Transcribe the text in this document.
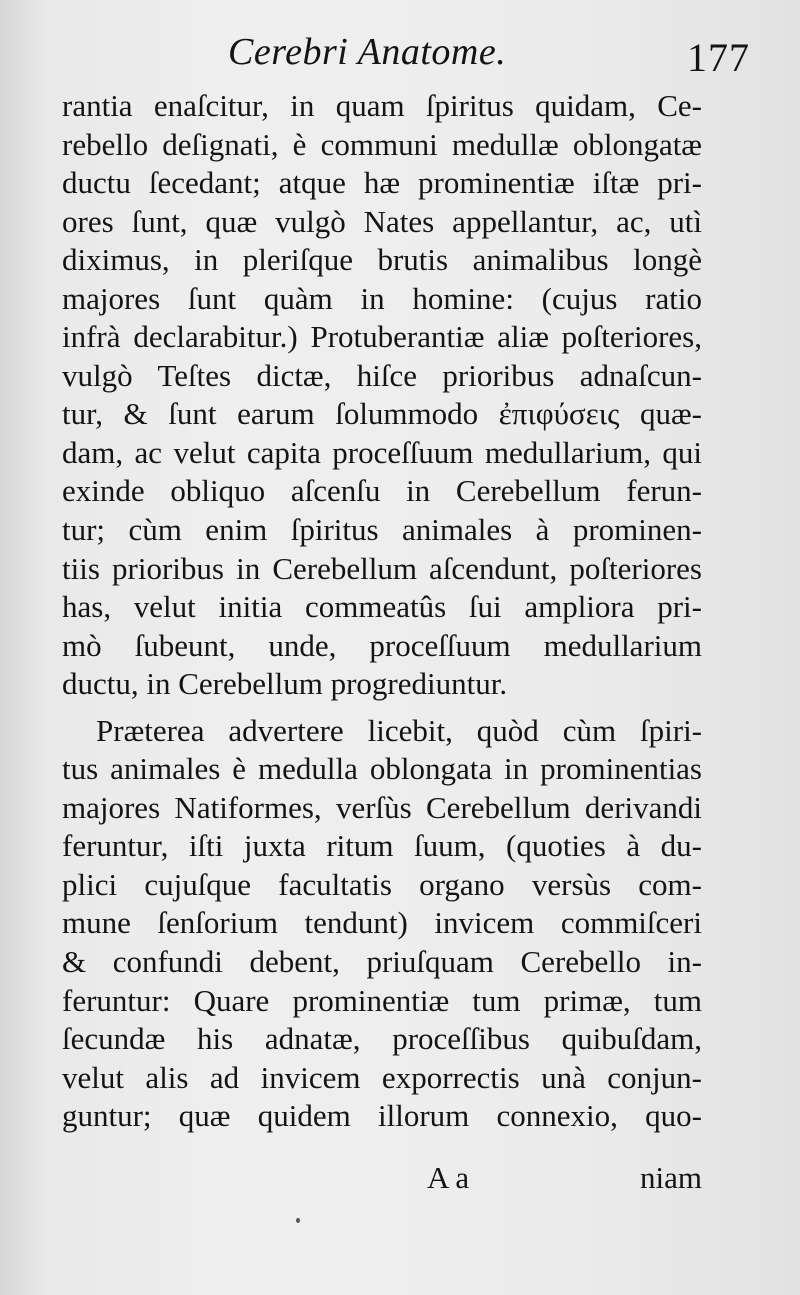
Cerebri Anatome.	177
rantia enaſcitur, in quam ſpiritus quidam, Ce-
rebello deſignati, è communi medullæ oblongatæ
ductu ſecedant; atque hæ prominentiæ iſtæ pri-
ores ſunt, quæ vulgò Nates appellantur, ac, utì
diximus, in pleriſque brutis animalibus longè
majores ſunt quàm in homine: (cujus ratio
infrà declarabitur.) Protuberantiæ aliæ poſteriores,
vulgò Teſtes dictæ, hiſce prioribus adnaſcun-
tur, & ſunt earum ſolummodo ἐπιφύσεις quæ-
dam, ac velut capita proceſſuum medullarium, qui
exinde obliquo aſcenſu in Cerebellum ferun-
tur; cùm enim ſpiritus animales à prominen-
tiis prioribus in Cerebellum aſcendunt, poſteriores
has, velut initia commeatûs ſui ampliora pri-
mò ſubeunt, unde, proceſſuum medullarium
ductu, in Cerebellum progrediuntur.
Præterea advertere licebit, quòd cùm ſpiri-
tus animales è medulla oblongata in prominentias
majores Natiformes, verſùs Cerebellum derivandi
feruntur, iſti juxta ritum ſuum, (quoties à du-
plici cujuſque facultatis organo versùs com-
mune ſenſorium tendunt) invicem commiſceri
& confundi debent, priuſquam Cerebello in-
feruntur: Quare prominentiæ tum primæ, tum
ſecundæ his adnatæ, proceſſibus quibuſdam,
velut alis ad invicem exporrectis unà conjun-
guntur; quæ quidem illorum connexio, quo-
A a	niam
